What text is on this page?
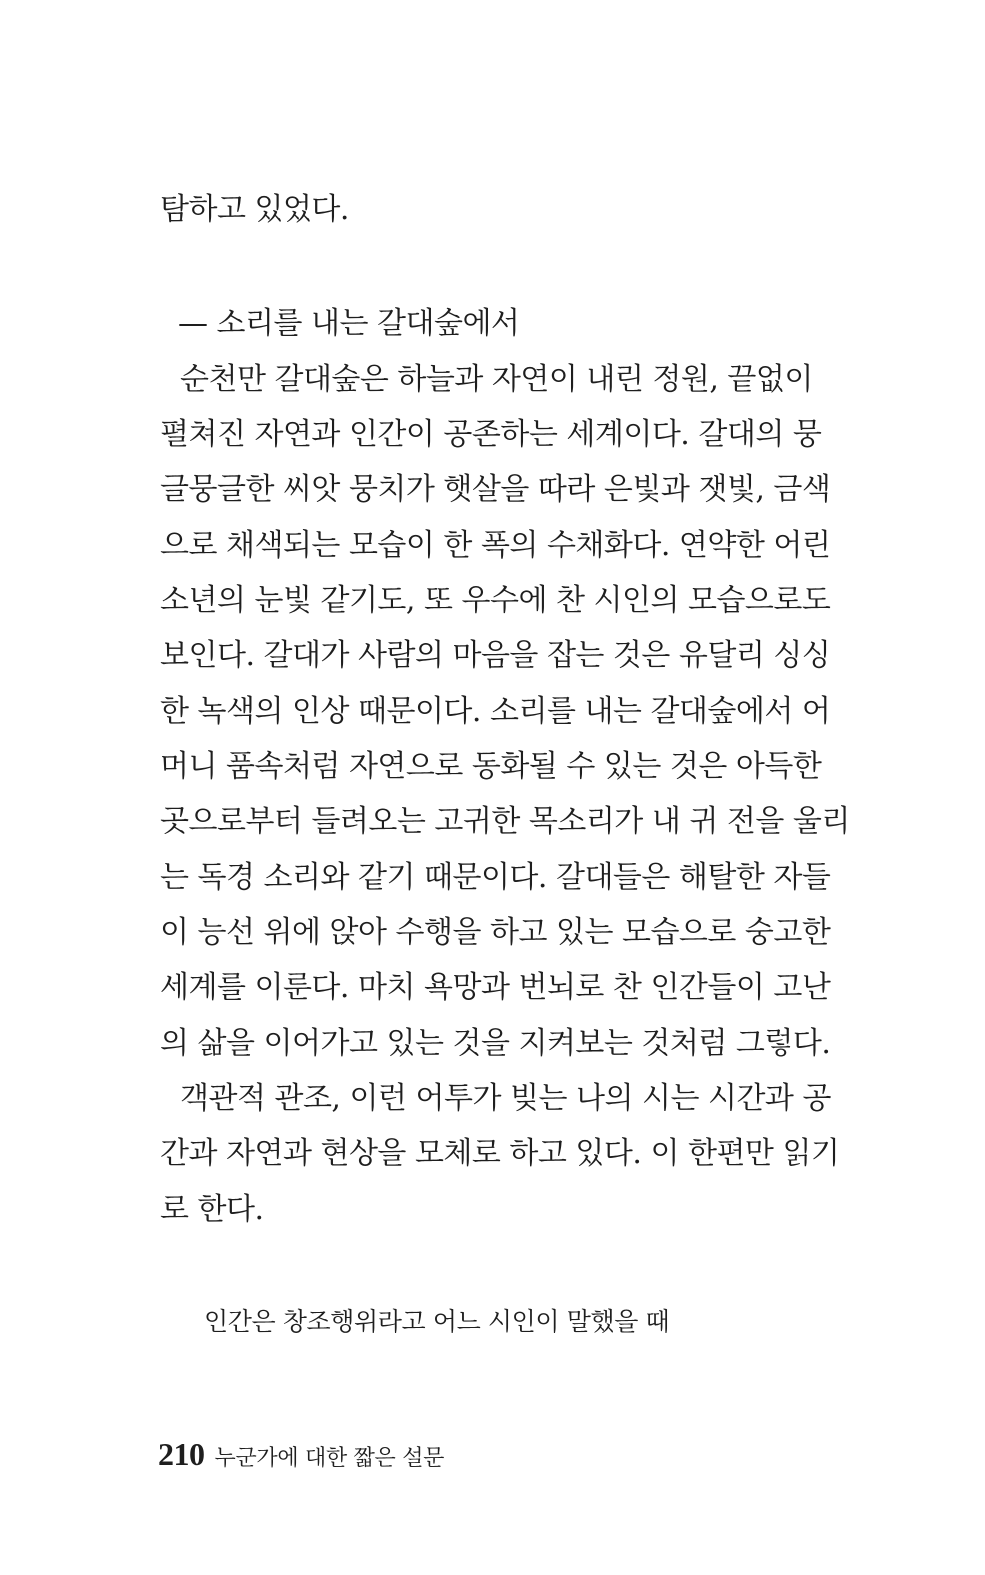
탐하고 있었다.
— 소리를 내는 갈대숲에서
순천만 갈대숲은 하늘과 자연이 내린 정원, 끝없이
펼쳐진 자연과 인간이 공존하는 세계이다. 갈대의 뭉
글뭉글한 씨앗 뭉치가 햇살을 따라 은빛과 잿빛, 금색
으로 채색되는 모습이 한 폭의 수채화다. 연약한 어린
소년의 눈빛 같기도, 또 우수에 찬 시인의 모습으로도
보인다. 갈대가 사람의 마음을 잡는 것은 유달리 싱싱
한 녹색의 인상 때문이다. 소리를 내는 갈대숲에서 어
머니 품속처럼 자연으로 동화될 수 있는 것은 아득한
곳으로부터 들려오는 고귀한 목소리가 내 귀 전을 울리
는 독경 소리와 같기 때문이다. 갈대들은 해탈한 자들
이 능선 위에 앉아 수행을 하고 있는 모습으로 숭고한
세계를 이룬다. 마치 욕망과 번뇌로 찬 인간들이 고난
의 삶을 이어가고 있는 것을 지켜보는 것처럼 그렇다.
객관적 관조, 이런 어투가 빚는 나의 시는 시간과 공
간과 자연과 현상을 모체로 하고 있다. 이 한편만 읽기
로 한다.
인간은 창조행위라고 어느 시인이 말했을 때
210 누군가에 대한 짧은 설문
